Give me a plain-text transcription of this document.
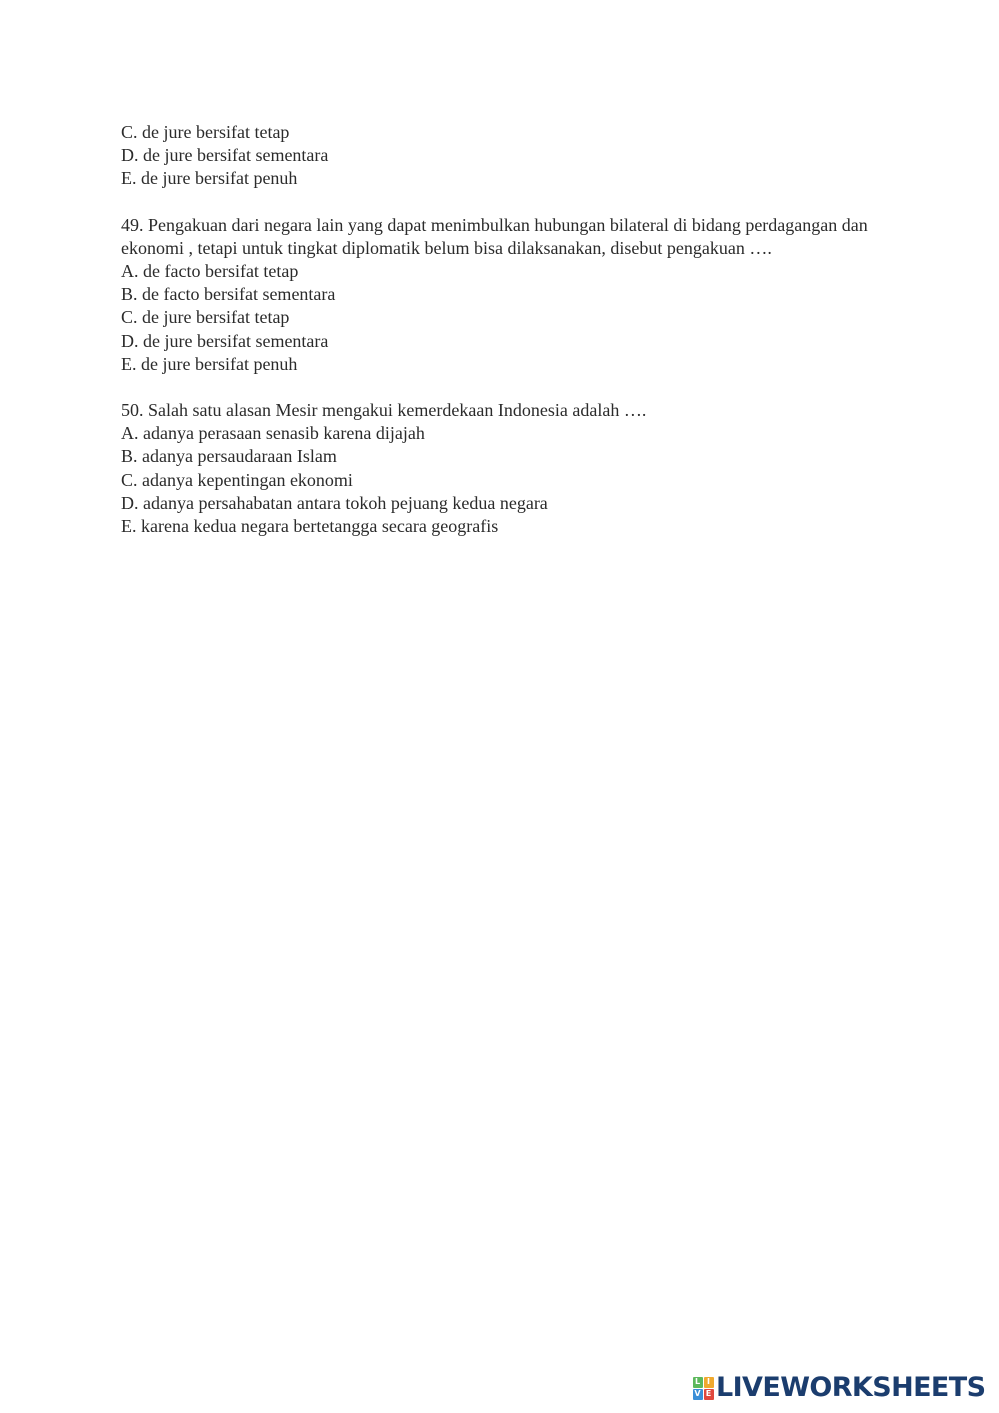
C. de jure bersifat tetap
D. de jure bersifat sementara
E. de jure bersifat penuh
49. Pengakuan dari negara lain yang dapat menimbulkan hubungan bilateral di bidang perdagangan dan ekonomi , tetapi untuk tingkat diplomatik belum bisa dilaksanakan, disebut pengakuan ….
A. de facto bersifat tetap
B. de facto bersifat sementara
C. de jure bersifat tetap
D. de jure bersifat sementara
E. de jure bersifat penuh
50. Salah satu alasan Mesir mengakui kemerdekaan Indonesia adalah ….
A. adanya perasaan senasib karena dijajah
B. adanya persaudaraan Islam
C. adanya kepentingan ekonomi
D. adanya persahabatan antara tokoh pejuang kedua negara
E. karena kedua negara bertetangga secara geografis
L I
V E LIVEWORKSHEETS
